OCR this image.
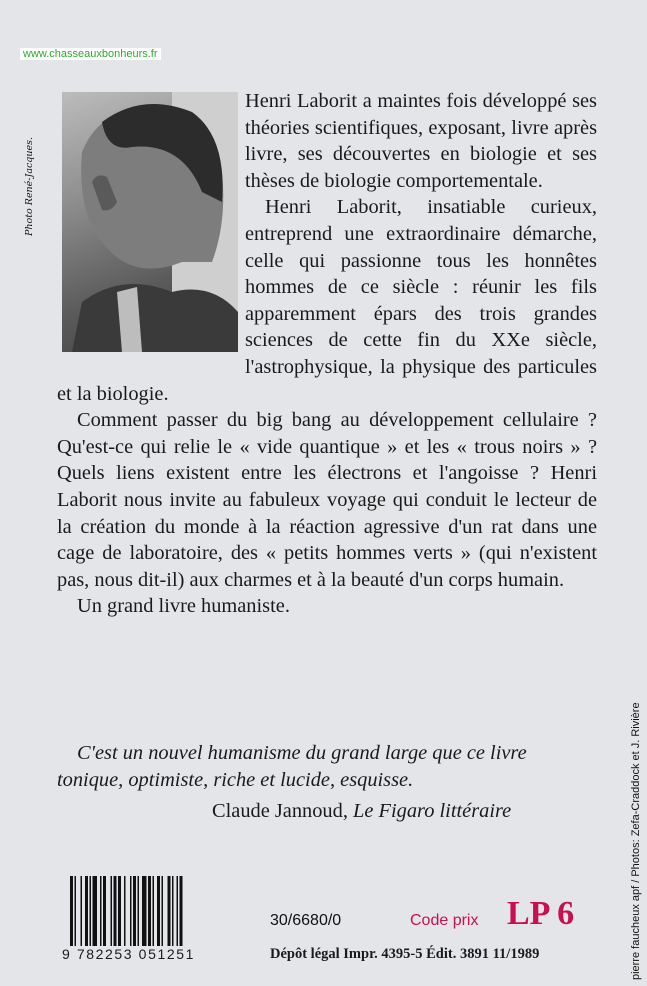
www.chasseauxbonheurs.fr
Photo René-Jacques.

Henri Laborit a maintes fois développé ses théories scientifiques, exposant, livre après livre, ses découvertes en biologie et ses thèses de biologie comportementale.

Henri Laborit, insatiable curieux, entreprend une extraordinaire démarche, celle qui passionne tous les honnêtes hommes de ce siècle : réunir les fils apparemment épars des trois grandes sciences de cette fin du XXe siècle, l'astrophysique, la physique des particules et la biologie.

Comment passer du big bang au développement cellulaire ? Qu'est-ce qui relie le « vide quantique » et les « trous noirs » ? Quels liens existent entre les électrons et l'angoisse ? Henri Laborit nous invite au fabuleux voyage qui conduit le lecteur de la création du monde à la réaction agressive d'un rat dans une cage de laboratoire, des « petits hommes verts » (qui n'existent pas, nous dit-il) aux charmes et à la beauté d'un corps humain.

Un grand livre humaniste.

C'est un nouvel humanisme du grand large que ce livre tonique, optimiste, riche et lucide, esquisse.
Claude Jannoud, Le Figaro littéraire
9 782253 051251
30/6680/0	Code prix LP 6
Dépôt légal Impr. 4395-5 Édit. 3891 11/1989	pierre faucheux apf / Photos: Zefa-Craddock et J. Rivière
